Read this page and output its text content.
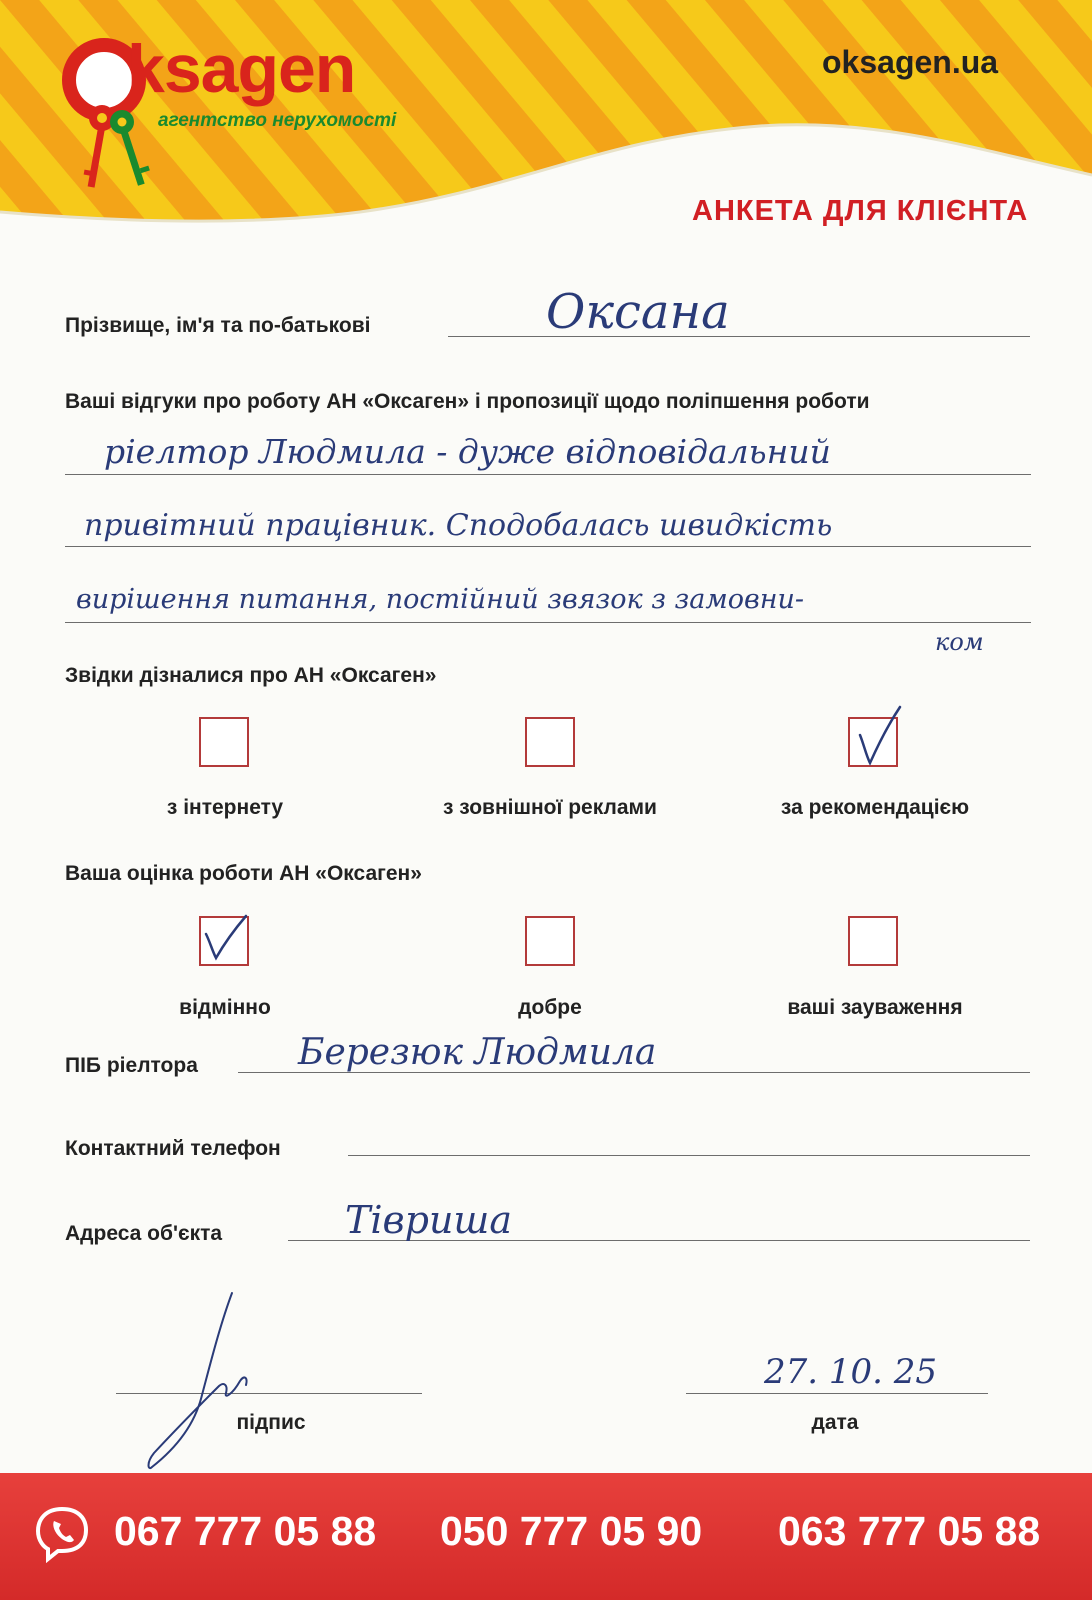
ksagen
агентство нерухомості
oksagen.ua
АНКЕТА ДЛЯ КЛІЄНТА
Прізвище, ім'я та по-батькові	Оксана
Ваші відгуки про роботу АН «Оксаген» і пропозиції щодо поліпшення роботи
ріелтор Людмила - дуже відповідальний
привітний працівник. Сподобалась швидкість
вирішення питання, постійний звязок з замовни-
ком
Звідки дізналися про АН «Оксаген»
з інтернету	з зовнішної реклами	за рекомендацією
Ваша оцінка роботи АН «Оксаген»
відмінно	добре	ваші зауваження
ПІБ ріелтора	Березюк Людмила
Контактний телефон
Адреса об'єкта	Тівриша
підпис
27. 10. 25
дата
067 777 05 88 050 777 05 90 063 777 05 88
